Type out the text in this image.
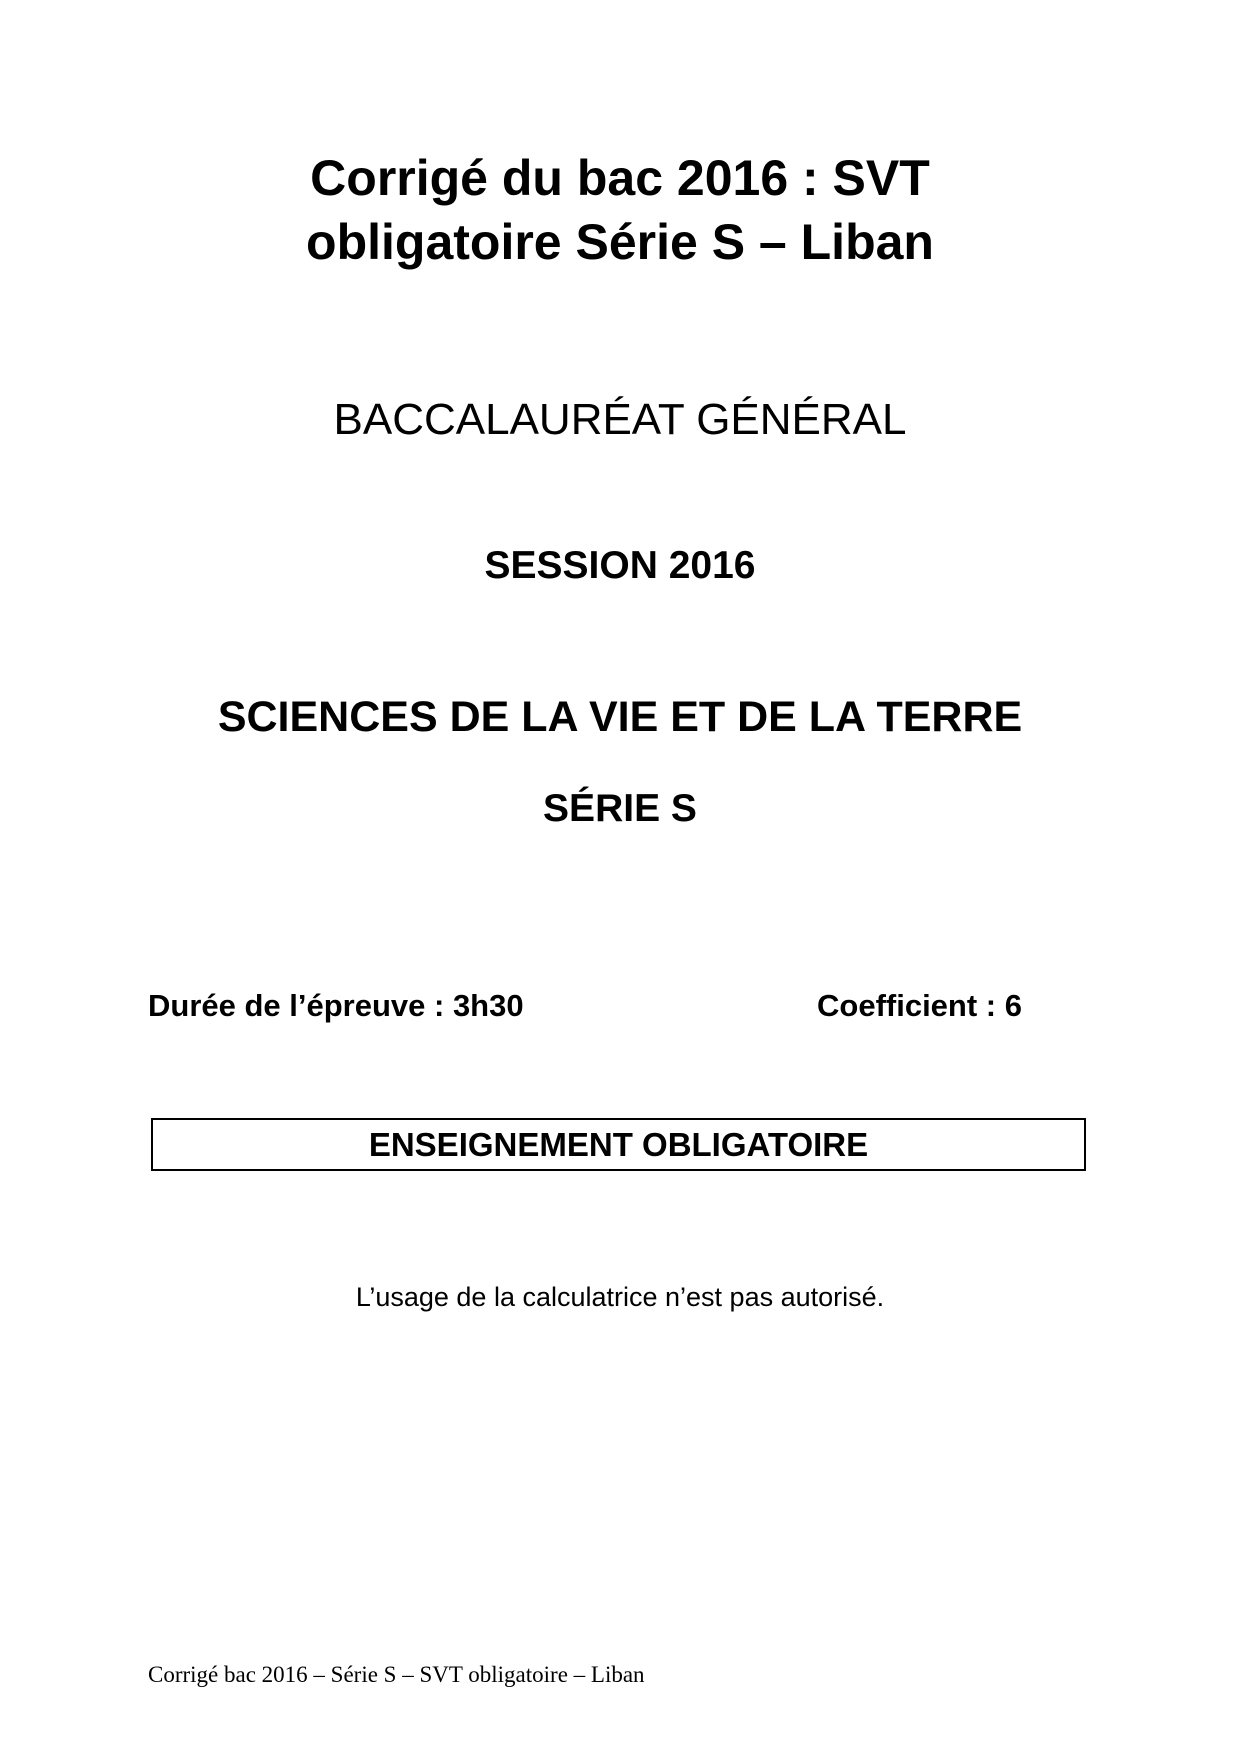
Corrigé du bac 2016 : SVT
obligatoire Série S – Liban
BACCALAURÉAT GÉNÉRAL
SESSION 2016
SCIENCES DE LA VIE ET DE LA TERRE
SÉRIE S
Durée de l’épreuve : 3h30	Coefficient : 6
ENSEIGNEMENT OBLIGATOIRE
L’usage de la calculatrice n’est pas autorisé.
Corrigé bac 2016 – Série S – SVT obligatoire – Liban
